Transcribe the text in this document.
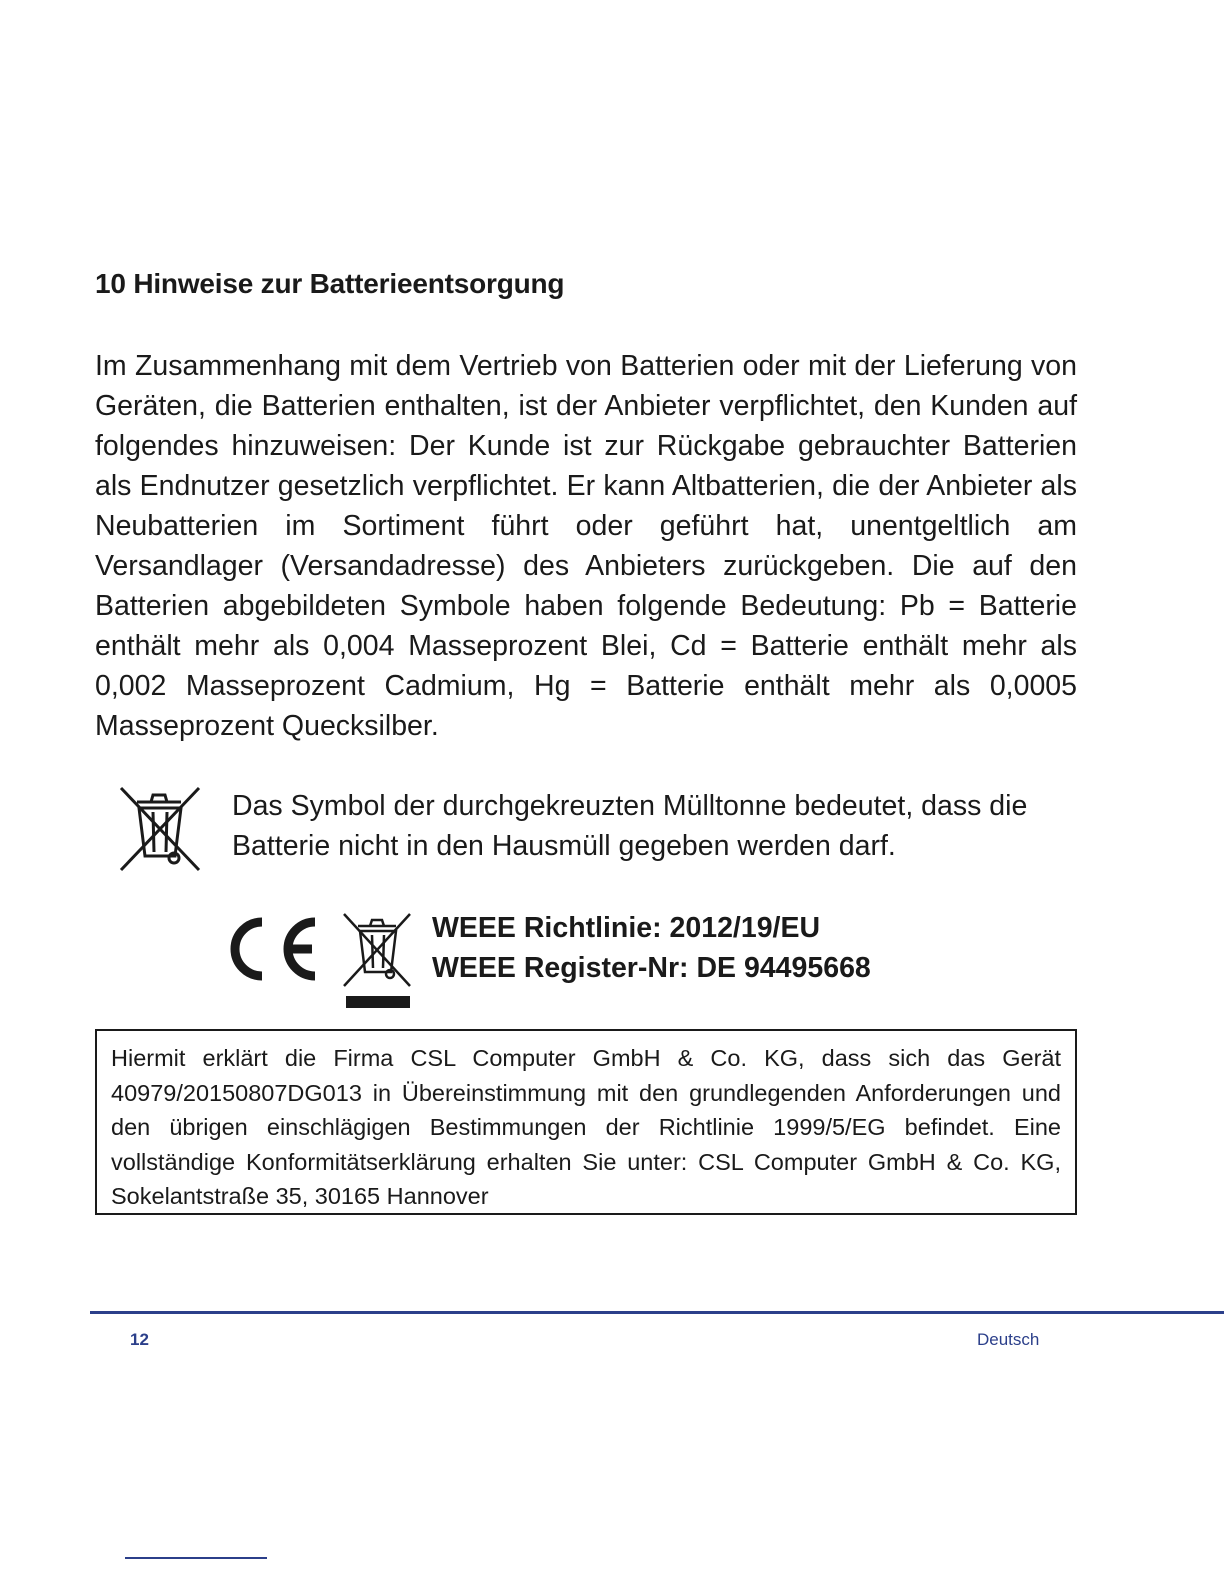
10 Hinweise zur Batterieentsorgung

Im Zusammenhang mit dem Vertrieb von Batterien oder mit der Lieferung von Geräten, die Batterien enthalten, ist der Anbieter verpflichtet, den Kunden auf folgendes hinzuweisen: Der Kunde ist zur Rückgabe gebrauchter Batterien als Endnutzer gesetzlich verpflichtet. Er kann Altbatterien, die der Anbieter als Neubatterien im Sortiment führt oder geführt hat, unentgeltlich am Versandlager (Versandadresse) des Anbieters zurückgeben. Die auf den Batterien abgebildeten Symbole haben folgende Bedeutung: Pb = Batterie enthält mehr als 0,004 Masseprozent Blei, Cd = Batterie enthält mehr als 0,002 Masseprozent Cadmium, Hg = Batterie enthält mehr als 0,0005 Masseprozent Quecksilber.

Das Symbol der durchgekreuzten Mülltonne bedeutet, dass die Batterie nicht in den Hausmüll gegeben werden darf.

WEEE Richtlinie: 2012/19/EU
WEEE Register-Nr: DE 94495668

Hiermit erklärt die Firma CSL Computer GmbH & Co. KG, dass sich das Gerät 40979/20150807DG013 in Übereinstimmung mit den grundlegenden Anforderungen und den übrigen einschlägigen Bestimmungen der Richtlinie 1999/5/EG befindet. Eine vollständige Konformitätserklärung erhalten Sie unter: CSL Computer GmbH & Co. KG, Sokelantstraße 35, 30165 Hannover

12	Deutsch
